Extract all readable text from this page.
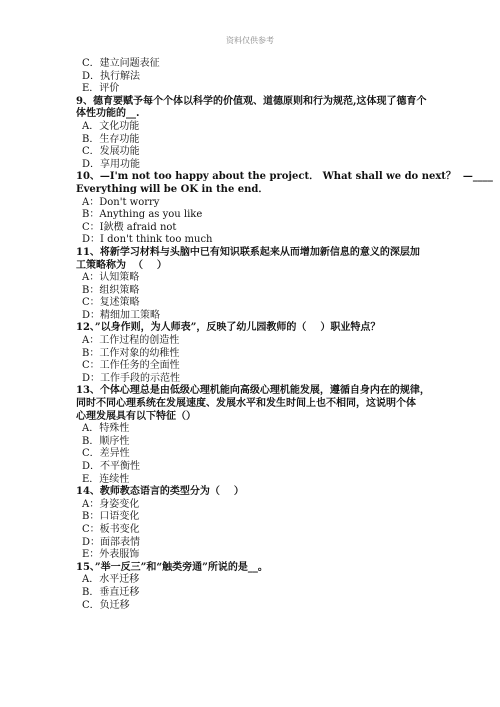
资料仅供参考
C．建立问题表征
D．执行解法
E．评价
9、德育要赋予每个个体以科学的价值观、道德原则和行为规范,这体现了德育个
体性功能的__.
A．文化功能
B．生存功能
C．发展功能
D．享用功能
10、—I'm not too happy about the project． What shall we do next？  —____
Everything will be OK in the end．
A：Don't worry
B：Anything as you like
C：I鈥檓 afraid not
D：I don't think too much
11、将新学习材料与头脑中已有知识联系起来从而增加新信息的意义的深层加
工策略称为  （    ）
A：认知策略
B：组织策略
C：复述策略
D：精细加工策略
12、”以身作则，为人师表”，反映了幼儿园教师的（    ）职业特点？
A：工作过程的创造性
B：工作对象的幼稚性
C：工作任务的全面性
D：工作手段的示范性
13、个体心理总是由低级心理机能向高级心理机能发展，遵循自身内在的规律，
同时不同心理系统在发展速度、发展水平和发生时间上也不相同，这说明个体
心理发展具有以下特征（）
A．特殊性
B．顺序性
C．差异性
D．不平衡性
E．连续性
14、教师教态语言的类型分为（    ）
A：身姿变化
B：口语变化
C：板书变化
D：面部表情
E：外表服饰
15、”举一反三”和“触类旁通”所说的是__。
A．水平迁移
B．垂直迁移
C．负迁移
